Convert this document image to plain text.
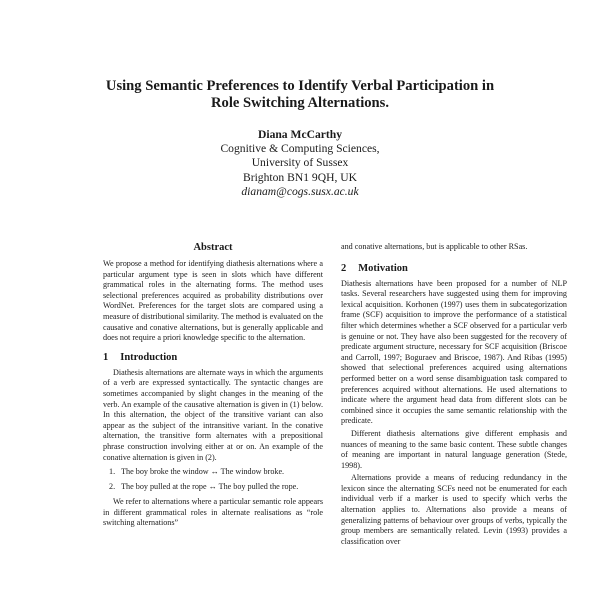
Using Semantic Preferences to Identify Verbal Participation in
Role Switching Alternations.
Diana McCarthy
Cognitive & Computing Sciences,
University of Sussex
Brighton BN1 9QH, UK
dianam@cogs.susx.ac.uk
Abstract

We propose a method for identifying diathesis alternations where a particular argument type is seen in slots which have different grammatical roles in the alternating forms. The method uses selectional preferences acquired as probability distributions over WordNet. Preferences for the target slots are compared using a measure of distributional similarity. The method is evaluated on the causative and conative alternations, but is generally applicable and does not require a priori knowledge specific to the alternation.

1 Introduction

Diathesis alternations are alternate ways in which the arguments of a verb are expressed syntactically. The syntactic changes are sometimes accompanied by slight changes in the meaning of the verb. An example of the causative alternation is given in (1) below. In this alternation, the object of the transitive variant can also appear as the subject of the intransitive variant. In the conative alternation, the transitive form alternates with a prepositional phrase construction involving either at or on. An example of the conative alternation is given in (2).

1. The boy broke the window ↔ The window broke.
2. The boy pulled at the rope ↔ The boy pulled the rope.

We refer to alternations where a particular semantic role appears in different grammatical roles in alternate realisations as “role switching alternations”

and conative alternations, but is applicable to other RSas.

2 Motivation

Diathesis alternations have been proposed for a number of NLP tasks. Several researchers have suggested using them for improving lexical acquisition. Korhonen (1997) uses them in subcategorization frame (SCF) acquisition to improve the performance of a statistical filter which determines whether a SCF observed for a particular verb is genuine or not. They have also been suggested for the recovery of predicate argument structure, necessary for SCF acquisition (Briscoe and Carroll, 1997; Boguraev and Briscoe, 1987). And Ribas (1995) showed that selectional preferences acquired using alternations performed better on a word sense disambiguation task compared to preferences acquired without alternations. He used alternations to indicate where the argument head data from different slots can be combined since it occupies the same semantic relationship with the predicate.

Different diathesis alternations give different emphasis and nuances of meaning to the same basic content. These subtle changes of meaning are important in natural language generation (Stede, 1998).

Alternations provide a means of reducing redundancy in the lexicon since the alternating SCFs need not be enumerated for each individual verb if a marker is used to specify which verbs the alternation applies to. Alternations also provide a means of generalizing patterns of behaviour over groups of verbs, typically the group members are semantically related. Levin (1993) provides a classification over
